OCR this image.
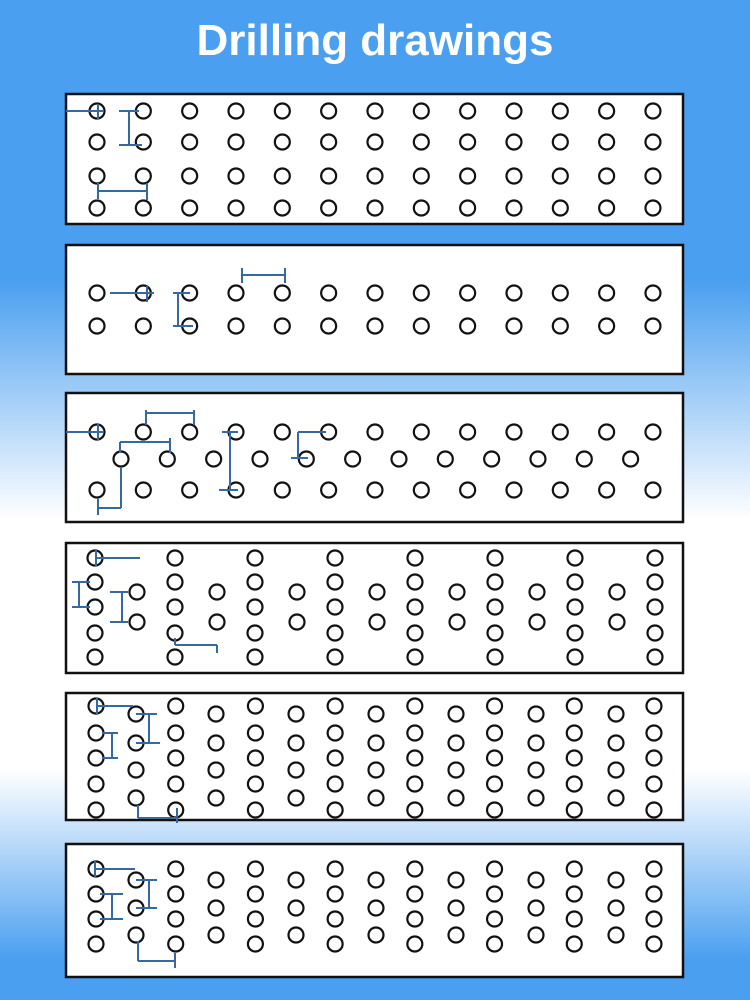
Drilling drawings
